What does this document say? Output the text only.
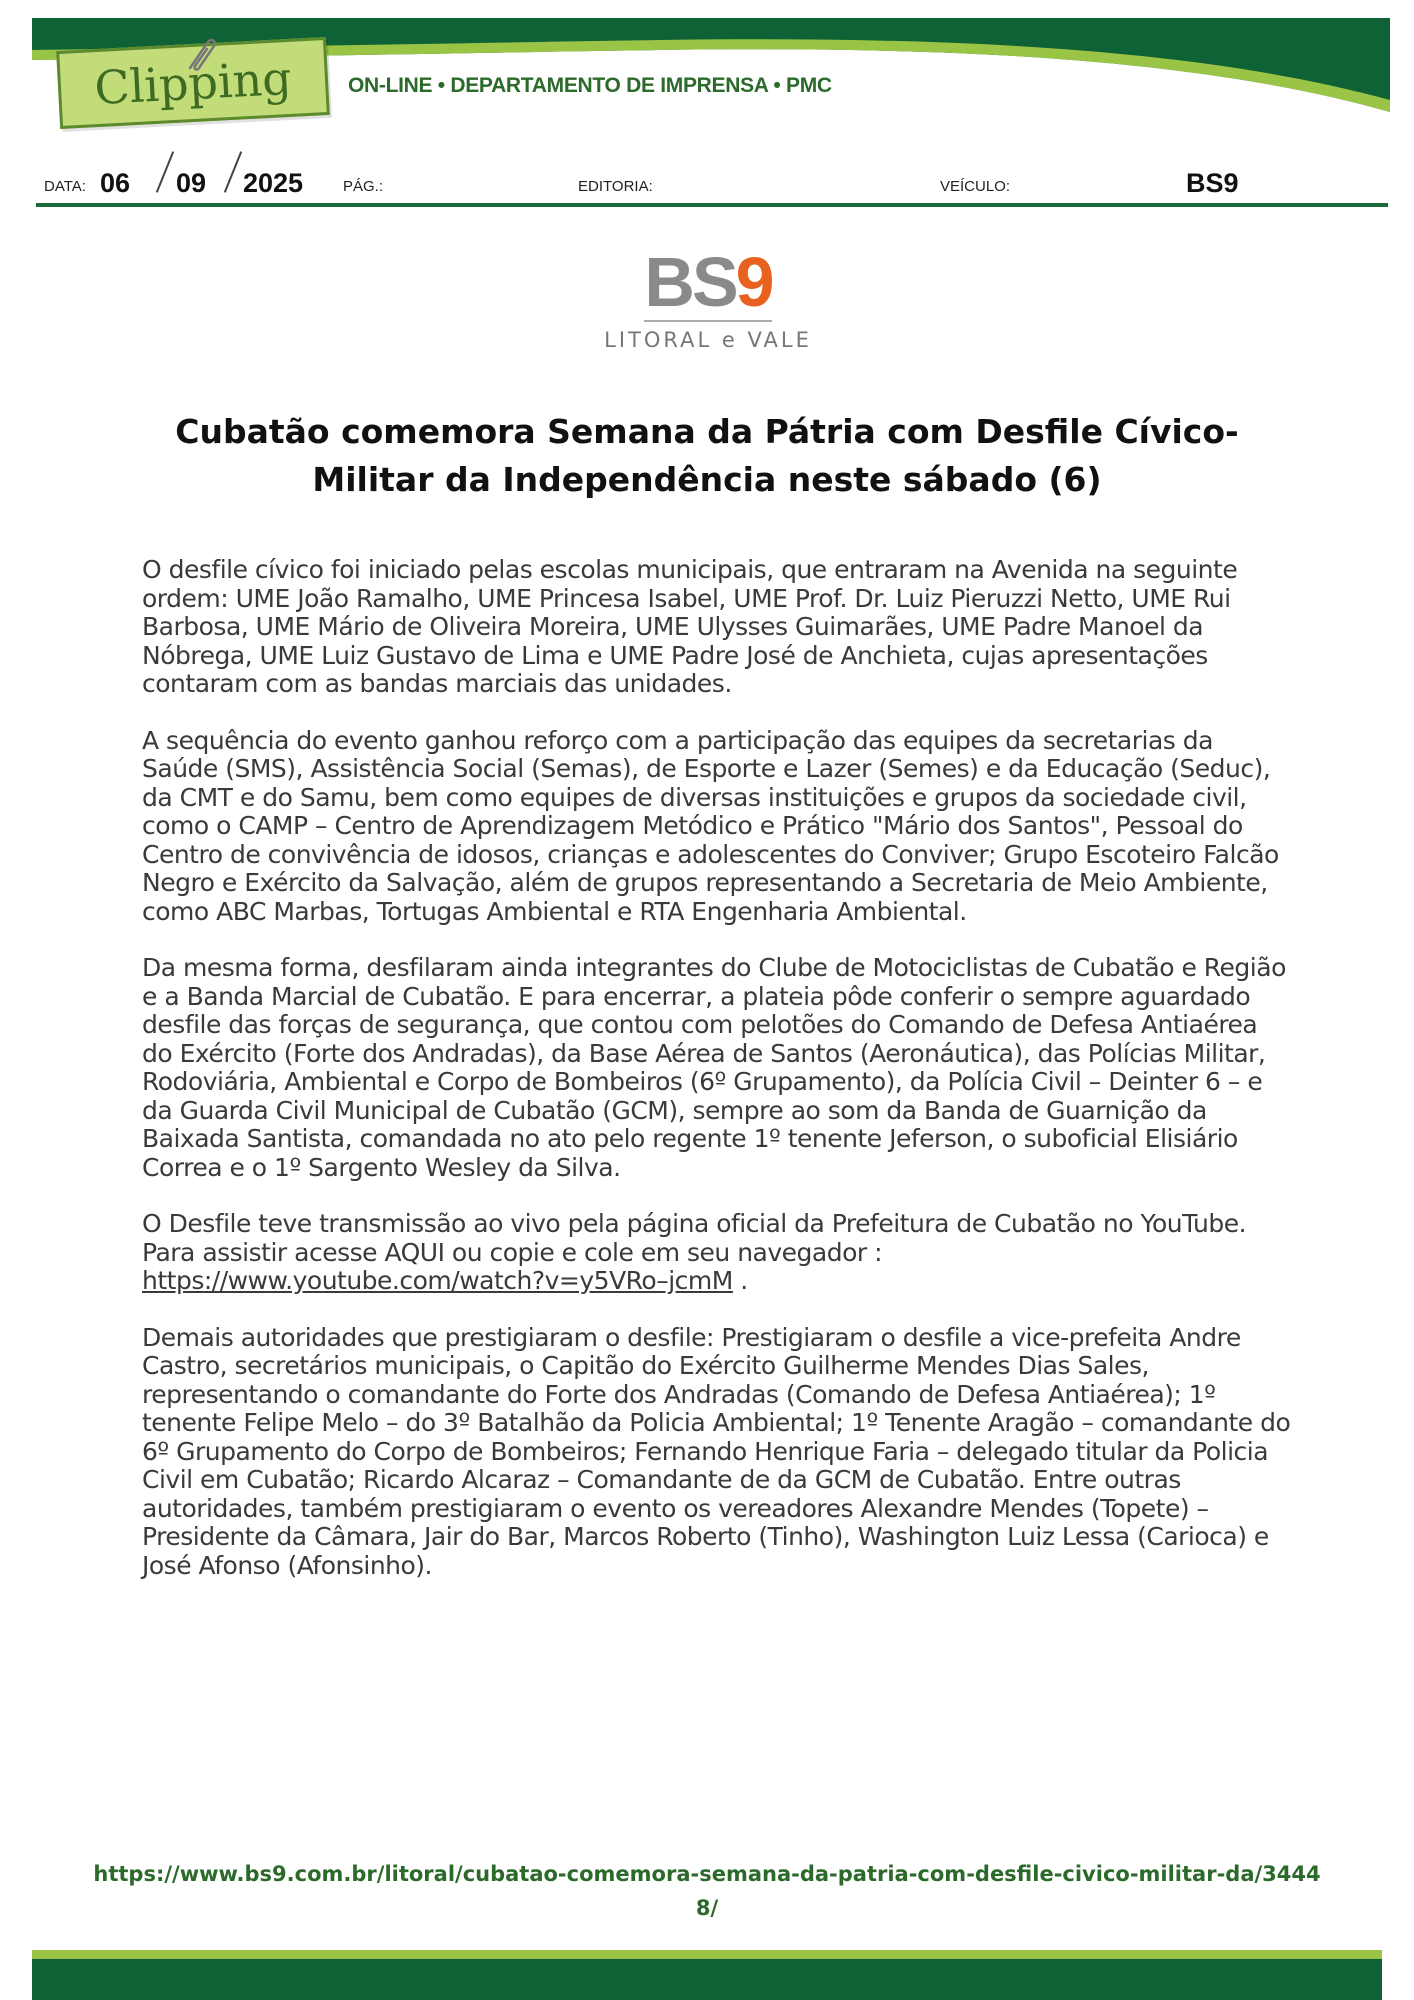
Clipping	ON-LINE • DEPARTAMENTO DE IMPRENSA • PMC
DATA: 06 09 2025	PÁG.:	EDITORIA:	VEÍCULO:	BS9
BS9
LITORAL e VALE
Cubatão comemora Semana da Pátria com Desfile Cívico-Militar da Independência neste sábado (6)

O desfile cívico foi iniciado pelas escolas municipais, que entraram na Avenida na seguinte ordem: UME João Ramalho, UME Princesa Isabel, UME Prof. Dr. Luiz Pieruzzi Netto, UME Rui Barbosa, UME Mário de Oliveira Moreira, UME Ulysses Guimarães, UME Padre Manoel da Nóbrega, UME Luiz Gustavo de Lima e UME Padre José de Anchieta, cujas apresentações contaram com as bandas marciais das unidades.

A sequência do evento ganhou reforço com a participação das equipes da secretarias da Saúde (SMS), Assistência Social (Semas), de Esporte e Lazer (Semes) e da Educação (Seduc), da CMT e do Samu, bem como equipes de diversas instituições e grupos da sociedade civil, como o CAMP – Centro de Aprendizagem Metódico e Prático "Mário dos Santos", Pessoal do Centro de convivência de idosos, crianças e adolescentes do Conviver; Grupo Escoteiro Falcão Negro e Exército da Salvação, além de grupos representando a Secretaria de Meio Ambiente, como ABC Marbas, Tortugas Ambiental e RTA Engenharia Ambiental.

Da mesma forma, desfilaram ainda integrantes do Clube de Motociclistas de Cubatão e Região e a Banda Marcial de Cubatão. E para encerrar, a plateia pôde conferir o sempre aguardado desfile das forças de segurança, que contou com pelotões do Comando de Defesa Antiaérea do Exército (Forte dos Andradas), da Base Aérea de Santos (Aeronáutica), das Polícias Militar, Rodoviária, Ambiental e Corpo de Bombeiros (6º Grupamento), da Polícia Civil – Deinter 6 – e da Guarda Civil Municipal de Cubatão (GCM), sempre ao som da Banda de Guarnição da Baixada Santista, comandada no ato pelo regente 1º tenente Jeferson, o suboficial Elisiário Correa e o 1º Sargento Wesley da Silva.

O Desfile teve transmissão ao vivo pela página oficial da Prefeitura de Cubatão no YouTube. Para assistir acesse AQUI ou copie e cole em seu navegador : https://www.youtube.com/watch?v=y5VRo–jcmM .

Demais autoridades que prestigiaram o desfile: Prestigiaram o desfile a vice-prefeita Andre Castro, secretários municipais, o Capitão do Exército Guilherme Mendes Dias Sales, representando o comandante do Forte dos Andradas (Comando de Defesa Antiaérea); 1º tenente Felipe Melo – do 3º Batalhão da Policia Ambiental; 1º Tenente Aragão – comandante do 6º Grupamento do Corpo de Bombeiros; Fernando Henrique Faria – delegado titular da Policia Civil em Cubatão; Ricardo Alcaraz – Comandante de da GCM de Cubatão. Entre outras autoridades, também prestigiaram o evento os vereadores Alexandre Mendes (Topete) – Presidente da Câmara, Jair do Bar, Marcos Roberto (Tinho), Washington Luiz Lessa (Carioca) e José Afonso (Afonsinho).

https://www.bs9.com.br/litoral/cubatao-comemora-semana-da-patria-com-desfile-civico-militar-da/34448/
